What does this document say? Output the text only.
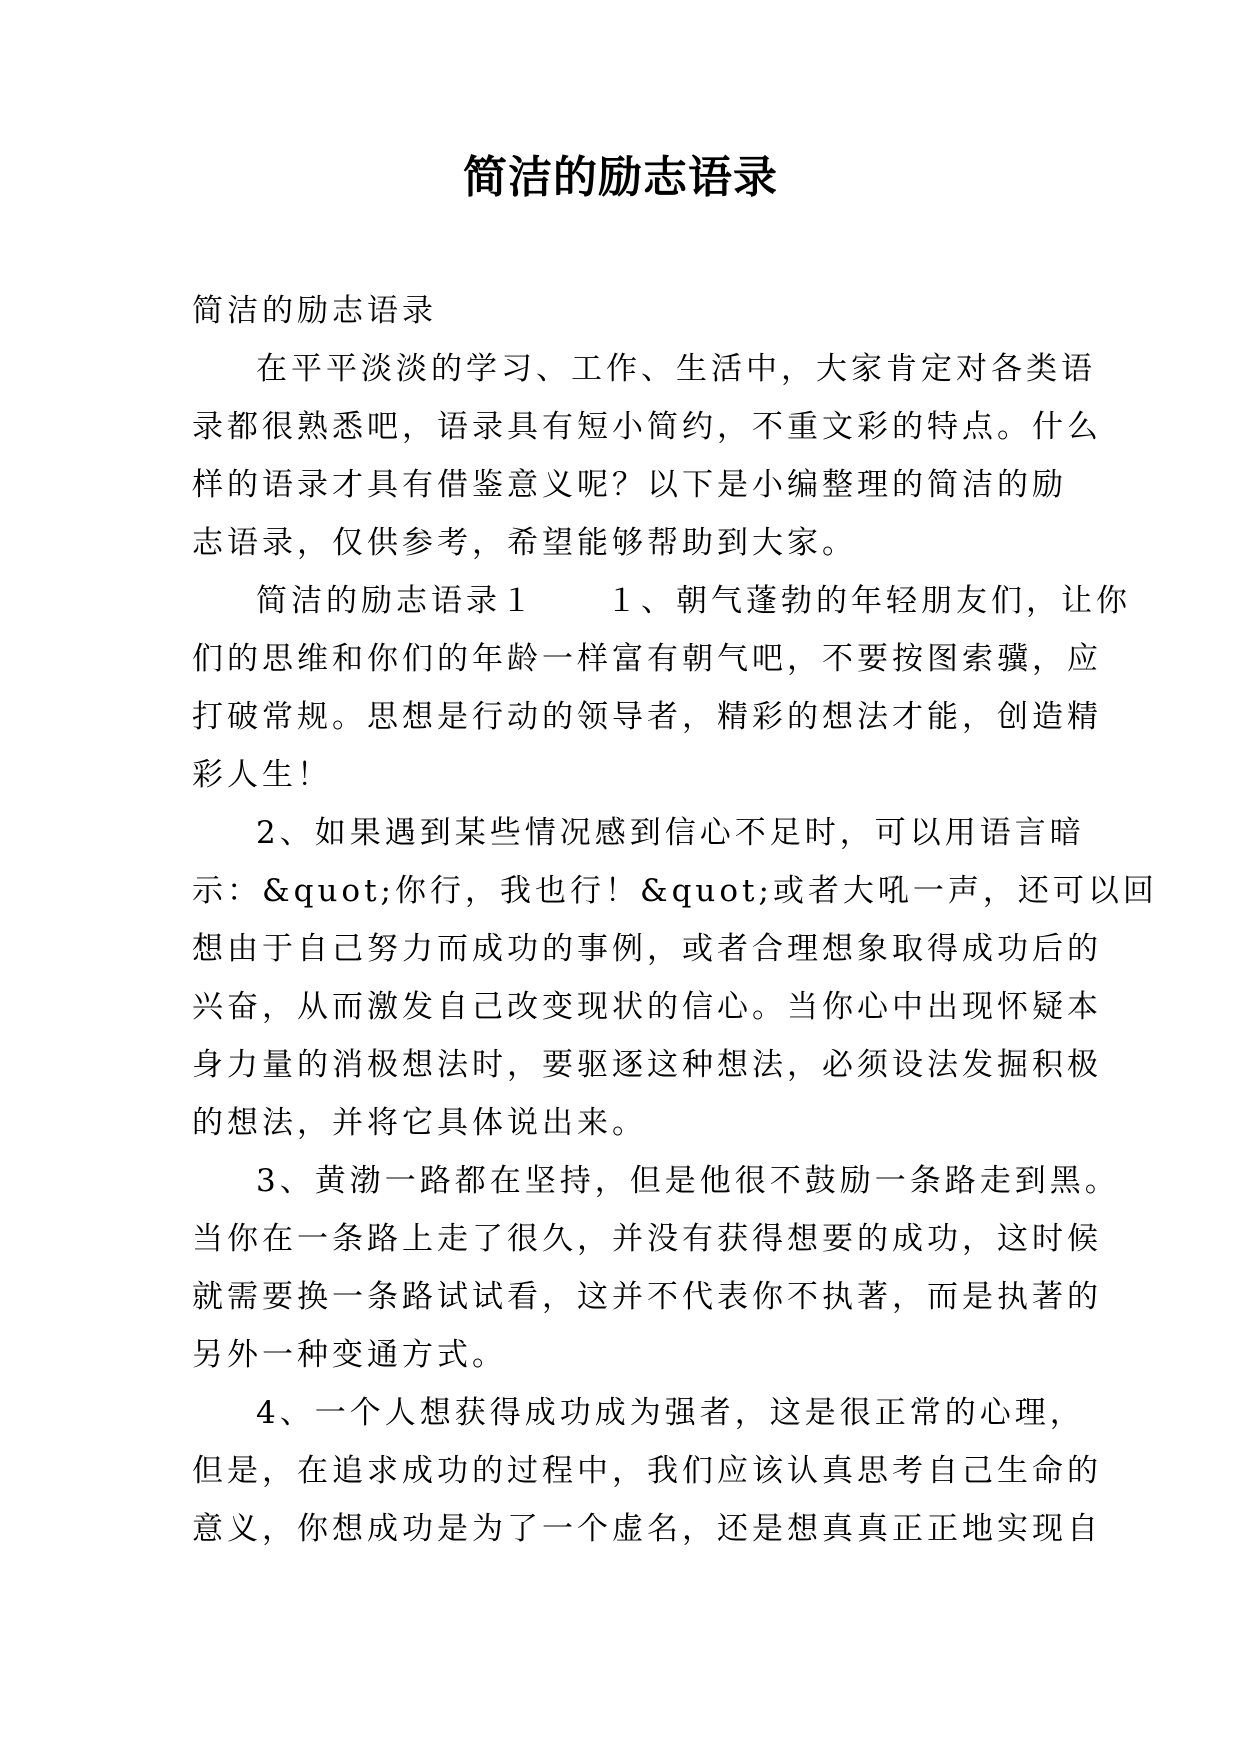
简洁的励志语录
简洁的励志语录
在平平淡淡的学习、工作、生活中，大家肯定对各类语
录都很熟悉吧，语录具有短小简约，不重文彩的特点。什么
样的语录才具有借鉴意义呢？以下是小编整理的简洁的励
志语录，仅供参考，希望能够帮助到大家。
简洁的励志语录１　　１、朝气蓬勃的年轻朋友们，让你
们的思维和你们的年龄一样富有朝气吧，不要按图索骥，应
打破常规。思想是行动的领导者，精彩的想法才能，创造精
彩人生！
2、如果遇到某些情况感到信心不足时，可以用语言暗
示：&quot;你行，我也行！&quot;或者大吼一声，还可以回
想由于自己努力而成功的事例，或者合理想象取得成功后的
兴奋，从而激发自己改变现状的信心。当你心中出现怀疑本
身力量的消极想法时，要驱逐这种想法，必须设法发掘积极
的想法，并将它具体说出来。
3、黄渤一路都在坚持，但是他很不鼓励一条路走到黑。
当你在一条路上走了很久，并没有获得想要的成功，这时候
就需要换一条路试试看，这并不代表你不执著，而是执著的
另外一种变通方式。
4、一个人想获得成功成为强者，这是很正常的心理，
但是，在追求成功的过程中，我们应该认真思考自己生命的
意义，你想成功是为了一个虚名，还是想真真正正地实现自
